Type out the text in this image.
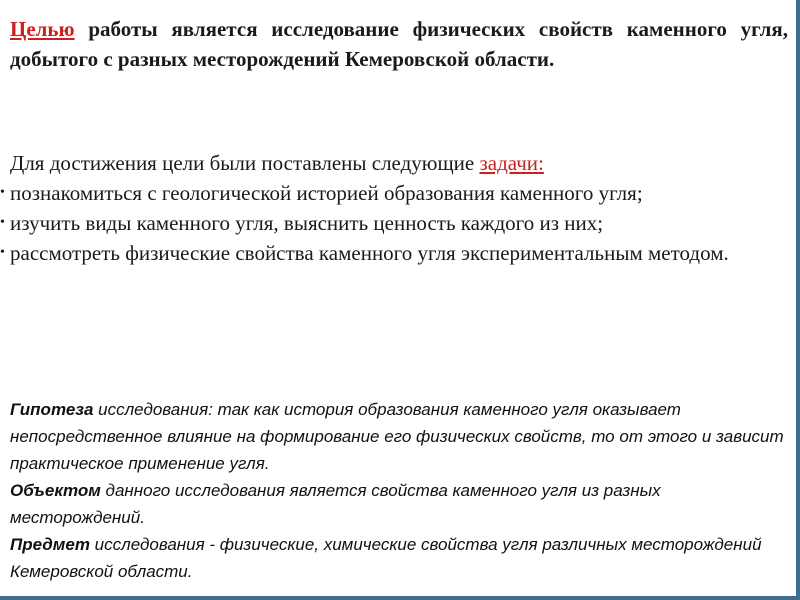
Целью работы является исследование физических свойств каменного угля, добытого с разных месторождений Кемеровской области.

Для достижения цели были поставлены следующие задачи:

• познакомиться с геологической историей образования каменного угля;
• изучить виды каменного угля, выяснить ценность каждого из них;
• рассмотреть физические свойства каменного угля экспериментальным методом.

Гипотеза исследования: так как история образования каменного угля оказывает непосредственное влияние на формирование его физических свойств, то от этого и зависит практическое применение угля.

Объектом данного исследования является свойства каменного угля из разных месторождений.

Предмет исследования - физические, химические свойства угля различных месторождений Кемеровской области.
